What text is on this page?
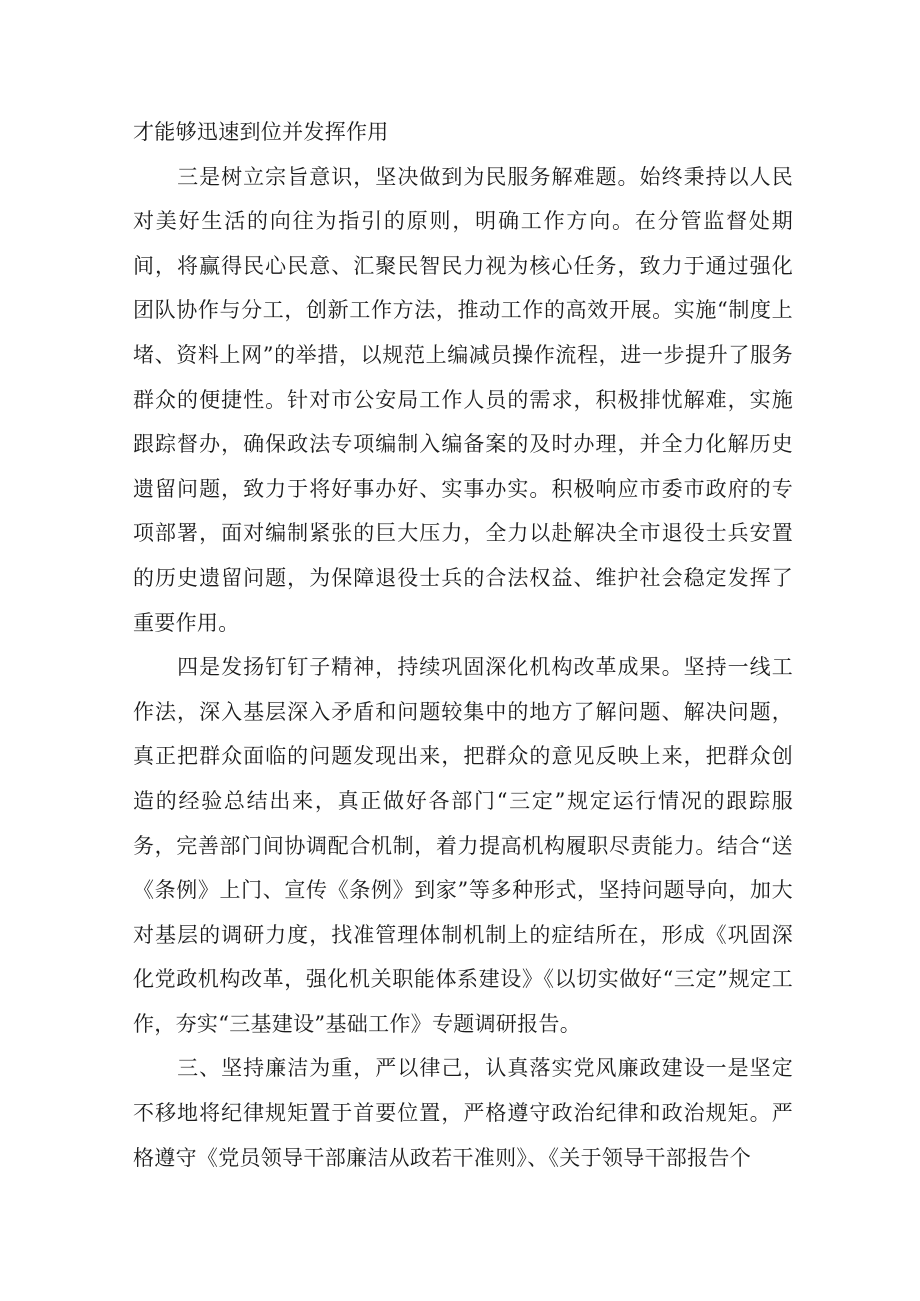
才能够迅速到位并发挥作用

三是树立宗旨意识，坚决做到为民服务解难题。始终秉持以人民对美好生活的向往为指引的原则，明确工作方向。在分管监督处期间，将赢得民心民意、汇聚民智民力视为核心任务，致力于通过强化团队协作与分工，创新工作方法，推动工作的高效开展。实施“制度上堵、资料上网”的举措，以规范上编减员操作流程，进一步提升了服务群众的便捷性。针对市公安局工作人员的需求，积极排忧解难，实施跟踪督办，确保政法专项编制入编备案的及时办理，并全力化解历史遗留问题，致力于将好事办好、实事办实。积极响应市委市政府的专项部署，面对编制紧张的巨大压力，全力以赴解决全市退役士兵安置的历史遗留问题，为保障退役士兵的合法权益、维护社会稳定发挥了重要作用。

四是发扬钉钉子精神，持续巩固深化机构改革成果。坚持一线工作法，深入基层深入矛盾和问题较集中的地方了解问题、解决问题，真正把群众面临的问题发现出来，把群众的意见反映上来，把群众创造的经验总结出来，真正做好各部门“三定”规定运行情况的跟踪服务，完善部门间协调配合机制，着力提高机构履职尽责能力。结合“送《条例》上门、宣传《条例》到家”等多种形式，坚持问题导向，加大对基层的调研力度，找准管理体制机制上的症结所在，形成《巩固深化党政机构改革，强化机关职能体系建设》《以切实做好“三定”规定工作，夯实“三基建设”基础工作》专题调研报告。

三、坚持廉洁为重，严以律己，认真落实党风廉政建设一是坚定不移地将纪律规矩置于首要位置，严格遵守政治纪律和政治规矩。严格遵守《党员领导干部廉洁从政若干准则》、《关于领导干部报告个
